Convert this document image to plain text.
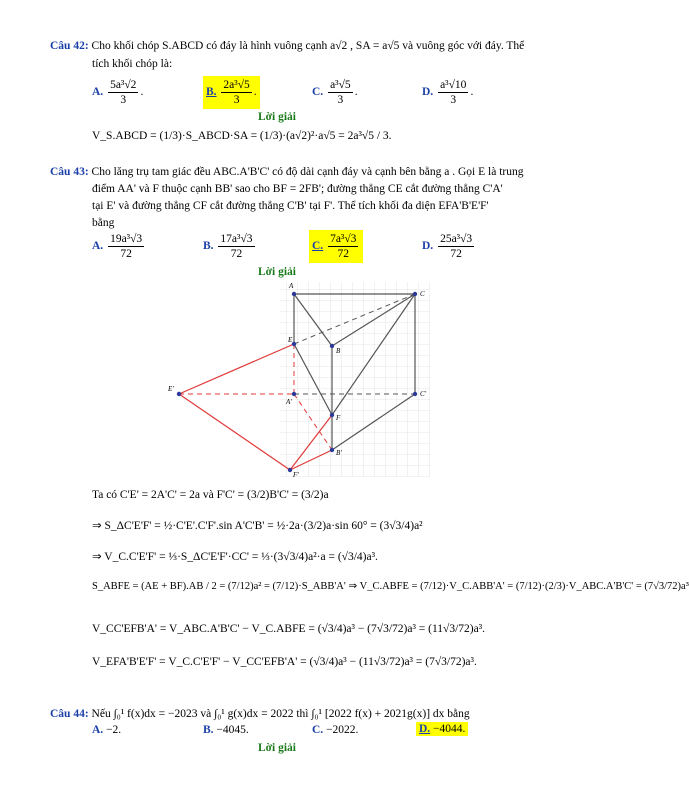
Câu 42: Cho khối chóp S.ABCD có đáy là hình vuông cạnh a√2 , SA = a√5 và vuông góc với đáy. Thể
tích khối chóp là:
A. $\frac{\text{5a³√2}}{3}$ .	B. $\frac{\text{2a³√5}}{3}$ .	C. $\frac{\text{a³√5}}{3}$ .	D. $\frac{\text{a³√10}}{3}$ .
Lời giải
V_S.ABCD = (1/3)·S_ABCD·SA = (1/3)·(a√2)²·a√5 = 2a³√5 / 3.
Câu 43: Cho lăng trụ tam giác đều ABC.A'B'C' có độ dài cạnh đáy và cạnh bên bằng a . Gọi E là trung
điểm AA' và F thuộc cạnh BB' sao cho BF = 2FB'; đường thẳng CE cắt đường thẳng C'A'
tại E' và đường thẳng CF cắt đường thẳng C'B' tại F'. Thể tích khối đa diện EFA'B'E'F'
bằng
A. $\frac{\text{19a³√3}}{72}$	B. $\frac{\text{17a³√3}}{72}$	C. $\frac{\text{7a³√3}}{72}$	D. $\frac{\text{25a³√3}}{72}$
Lời giải
A
C
E
B
E'
A'
F
C'
B'
F'
Ta có C'E' = 2A'C' = 2a và F'C' = (3/2)B'C' = (3/2)a
⇒ S_ΔC'E'F' = ½·C'E'.C'F'.sin A'C'B' = ½·2a·(3/2)a·sin 60° = (3√3/4)a²
⇒ V_C.C'E'F' = ⅓·S_ΔC'E'F'·CC' = ⅓·(3√3/4)a²·a = (√3/4)a³.
S_ABFE = (AE + BF).AB / 2 = (7/12)a² = (7/12)·S_ABB'A' ⇒ V_C.ABFE = (7/12)·V_C.ABB'A' = (7/12)·(2/3)·V_ABC.A'B'C' = (7√3/72)a³
V_CC'EFB'A' = V_ABC.A'B'C' − V_C.ABFE = (√3/4)a³ − (7√3/72)a³ = (11√3/72)a³.
V_EFA'B'E'F' = V_C.C'E'F' − V_CC'EFB'A' = (√3/4)a³ − (11√3/72)a³ = (7√3/72)a³.
Câu 44: Nếu ∫₀¹ f(x)dx = −2023 và ∫₀¹ g(x)dx = 2022 thì ∫₀¹ [2022 f(x) + 2021g(x)] dx bằng
A. −2.	B. −4045.	C. −2022.	D. −4044.
Lời giải
